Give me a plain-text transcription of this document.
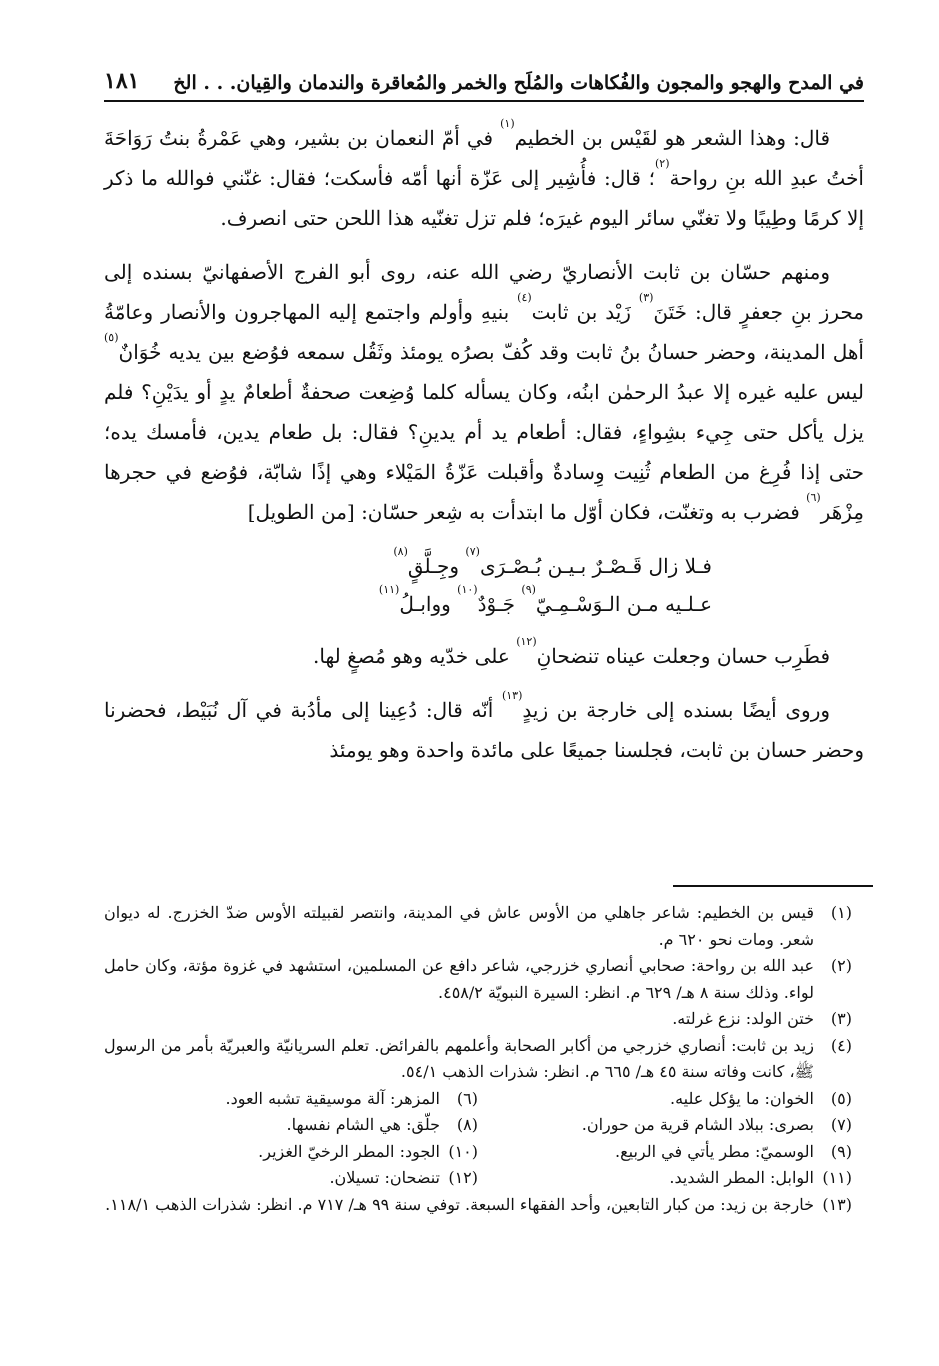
في المدح والهجو والمجون والفُكاهات والمُلَح والخمر والمُعاقرة والندمان والقِيان. . . الخ
١٨١

قال: وهذا الشعر هو لقَيْس بن الخطيم$^{(١)}$ في أمّ النعمان بن بشير، وهي عَمْرةُ بنتُ رَوَاحَةَ أختُ عبدِ الله بنِ رواحة$^{(٢)}$؛ قال: فأُشِير إلى عَزّة أنها أمّه فأسكت؛ فقال: غنّني فوالله ما ذكر إلا كرمًا وطِيبًا ولا تغنّي سائر اليوم غيرَه؛ فلم تزل تغنّيه هذا اللحن حتى انصرف.

ومنهم حسّان بن ثابت الأنصاريّ رضي الله عنه، روى أبو الفرج الأصفهانيّ بسنده إلى محرز بنِ جعفرٍ قال: خَتَنَ$^{(٣)}$ زَيْد بن ثابت$^{(٤)}$ بنيهِ وأولم واجتمع إليه المهاجرون والأنصار وعامّةُ أهل المدينة، وحضر حسانُ بنُ ثابت وقد كُفّ بصرُه يومئذ وثَقُل سمعه فوُضع بين يديه خُوَانٌ$^{(٥)}$ ليس عليه غيره إلا عبدُ الرحمٰن ابنُه، وكان يسأله كلما وُضِعت صحفةٌ أطعامٌ يدٍ أو يدَيْنِ؟ فلم يزل يأكل حتى جِيء بشِواءٍ، فقال: أطعام يد أم يدينِ؟ فقال: بل طعام يدين، فأمسك يده؛ حتى إذا فُرِغ من الطعام ثُنِيت وِسادةٌ وأقبلت عَزّةُ المَيْلاء وهي إذًا شابّة، فوُضع في حجرها مِزْهَر$^{(٦)}$ فضرب به وتغنّت، فكان أوّل ما ابتدأت به شِعر حسّان: [من الطويل]

فـلا زال قَـصْـرٌ بـيـن بُـصْـرَى$^{(٧)}$ وجِـلَّقٍ$^{(٨)}$
عـلـيه مـن الـوَسْـمِـيّ$^{(٩)}$ جَـوْدٌ$^{(١٠)}$ ووابـلُ$^{(١١)}$

فطَرِب حسان وجعلت عيناه تنضحانِ$^{(١٢)}$ على خدّيه وهو مُصغٍ لها.

وروى أيضًا بسنده إلى خارجة بن زيدٍ$^{(١٣)}$ أنّه قال: دُعِينا إلى مأدُبة في آل نُبَيْط، فحضرنا وحضر حسان بن ثابت، فجلسنا جميعًا على مائدة واحدة وهو يومئذ

(١)
قيس بن الخطيم: شاعر جاهلي من الأوس عاش في المدينة، وانتصر لقبيلته الأوس ضدّ الخزرج. له ديوان شعر. ومات نحو ٦٢٠ م.
(٢)
عبد الله بن رواحة: صحابي أنصاري خزرجي، شاعر دافع عن المسلمين، استشهد في غزوة مؤتة، وكان حامل لواء. وذلك سنة ٨ هـ/ ٦٢٩ م. انظر: السيرة النبويّة ٤٥٨/٢.
(٣)
ختن الولد: نزع غرلته.
(٤)
زيد بن ثابت: أنصاري خزرجي من أكابر الصحابة وأعلمهم بالفرائض. تعلم السريانيّة والعبريّة بأمر من الرسول ﷺ، كانت وفاته سنة ٤٥ هـ/ ٦٦٥ م. انظر: شذرات الذهب ٥٤/١.
(٥)
الخوان: ما يؤكل عليه.
(٦)
المزهر: آلة موسيقية تشبه العود.
(٧)
بصرى: ببلاد الشام قرية من حوران.
(٨)
جلّق: هي الشام نفسها.
(٩)
الوسميّ: مطر يأتي في الربيع.
(١٠)
الجود: المطر الرخيّ الغزير.
(١١)
الوابل: المطر الشديد.
(١٢)
تنضحان: تسيلان.
(١٣)
خارجة بن زيد: من كبار التابعين، وأحد الفقهاء السبعة. توفي سنة ٩٩ هـ/ ٧١٧ م. انظر: شذرات الذهب ١١٨/١.
